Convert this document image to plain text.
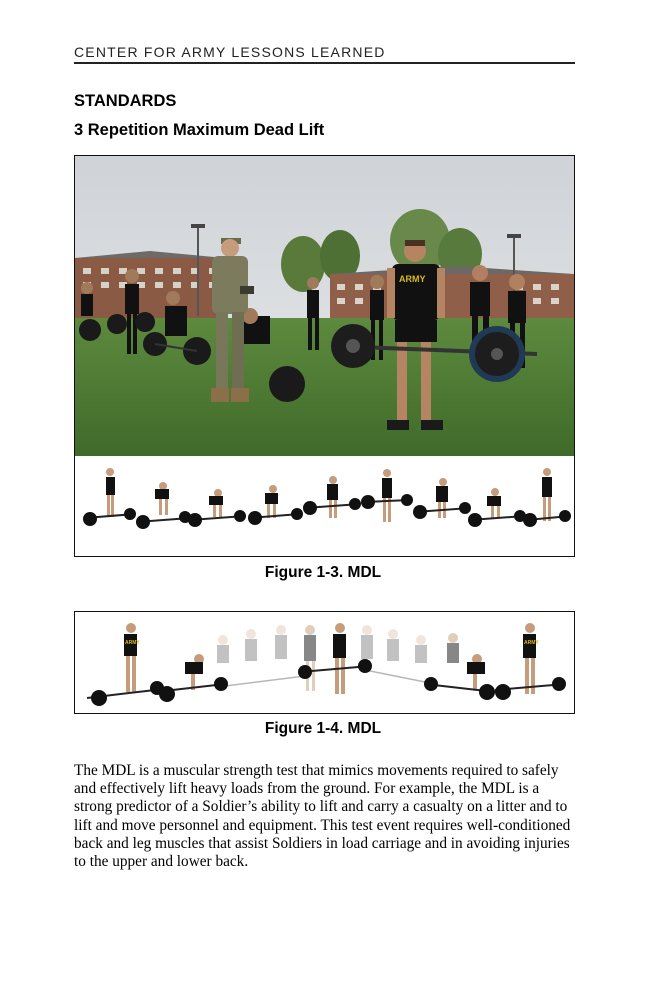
CENTER FOR ARMY LESSONS LEARNED
STANDARDS
3 Repetition Maximum Dead Lift
ARMY
Figure 1-3. MDL
ARMY	ARMY
Figure 1-4. MDL
The MDL is a muscular strength test that mimics movements required to safely and effectively lift heavy loads from the ground. For example, the MDL is a strong predictor of a Soldier’s ability to lift and carry a casualty on a litter and to lift and move personnel and equipment. This test event requires well-conditioned back and leg muscles that assist Soldiers in load carriage and in avoiding injuries to the upper and lower back.
